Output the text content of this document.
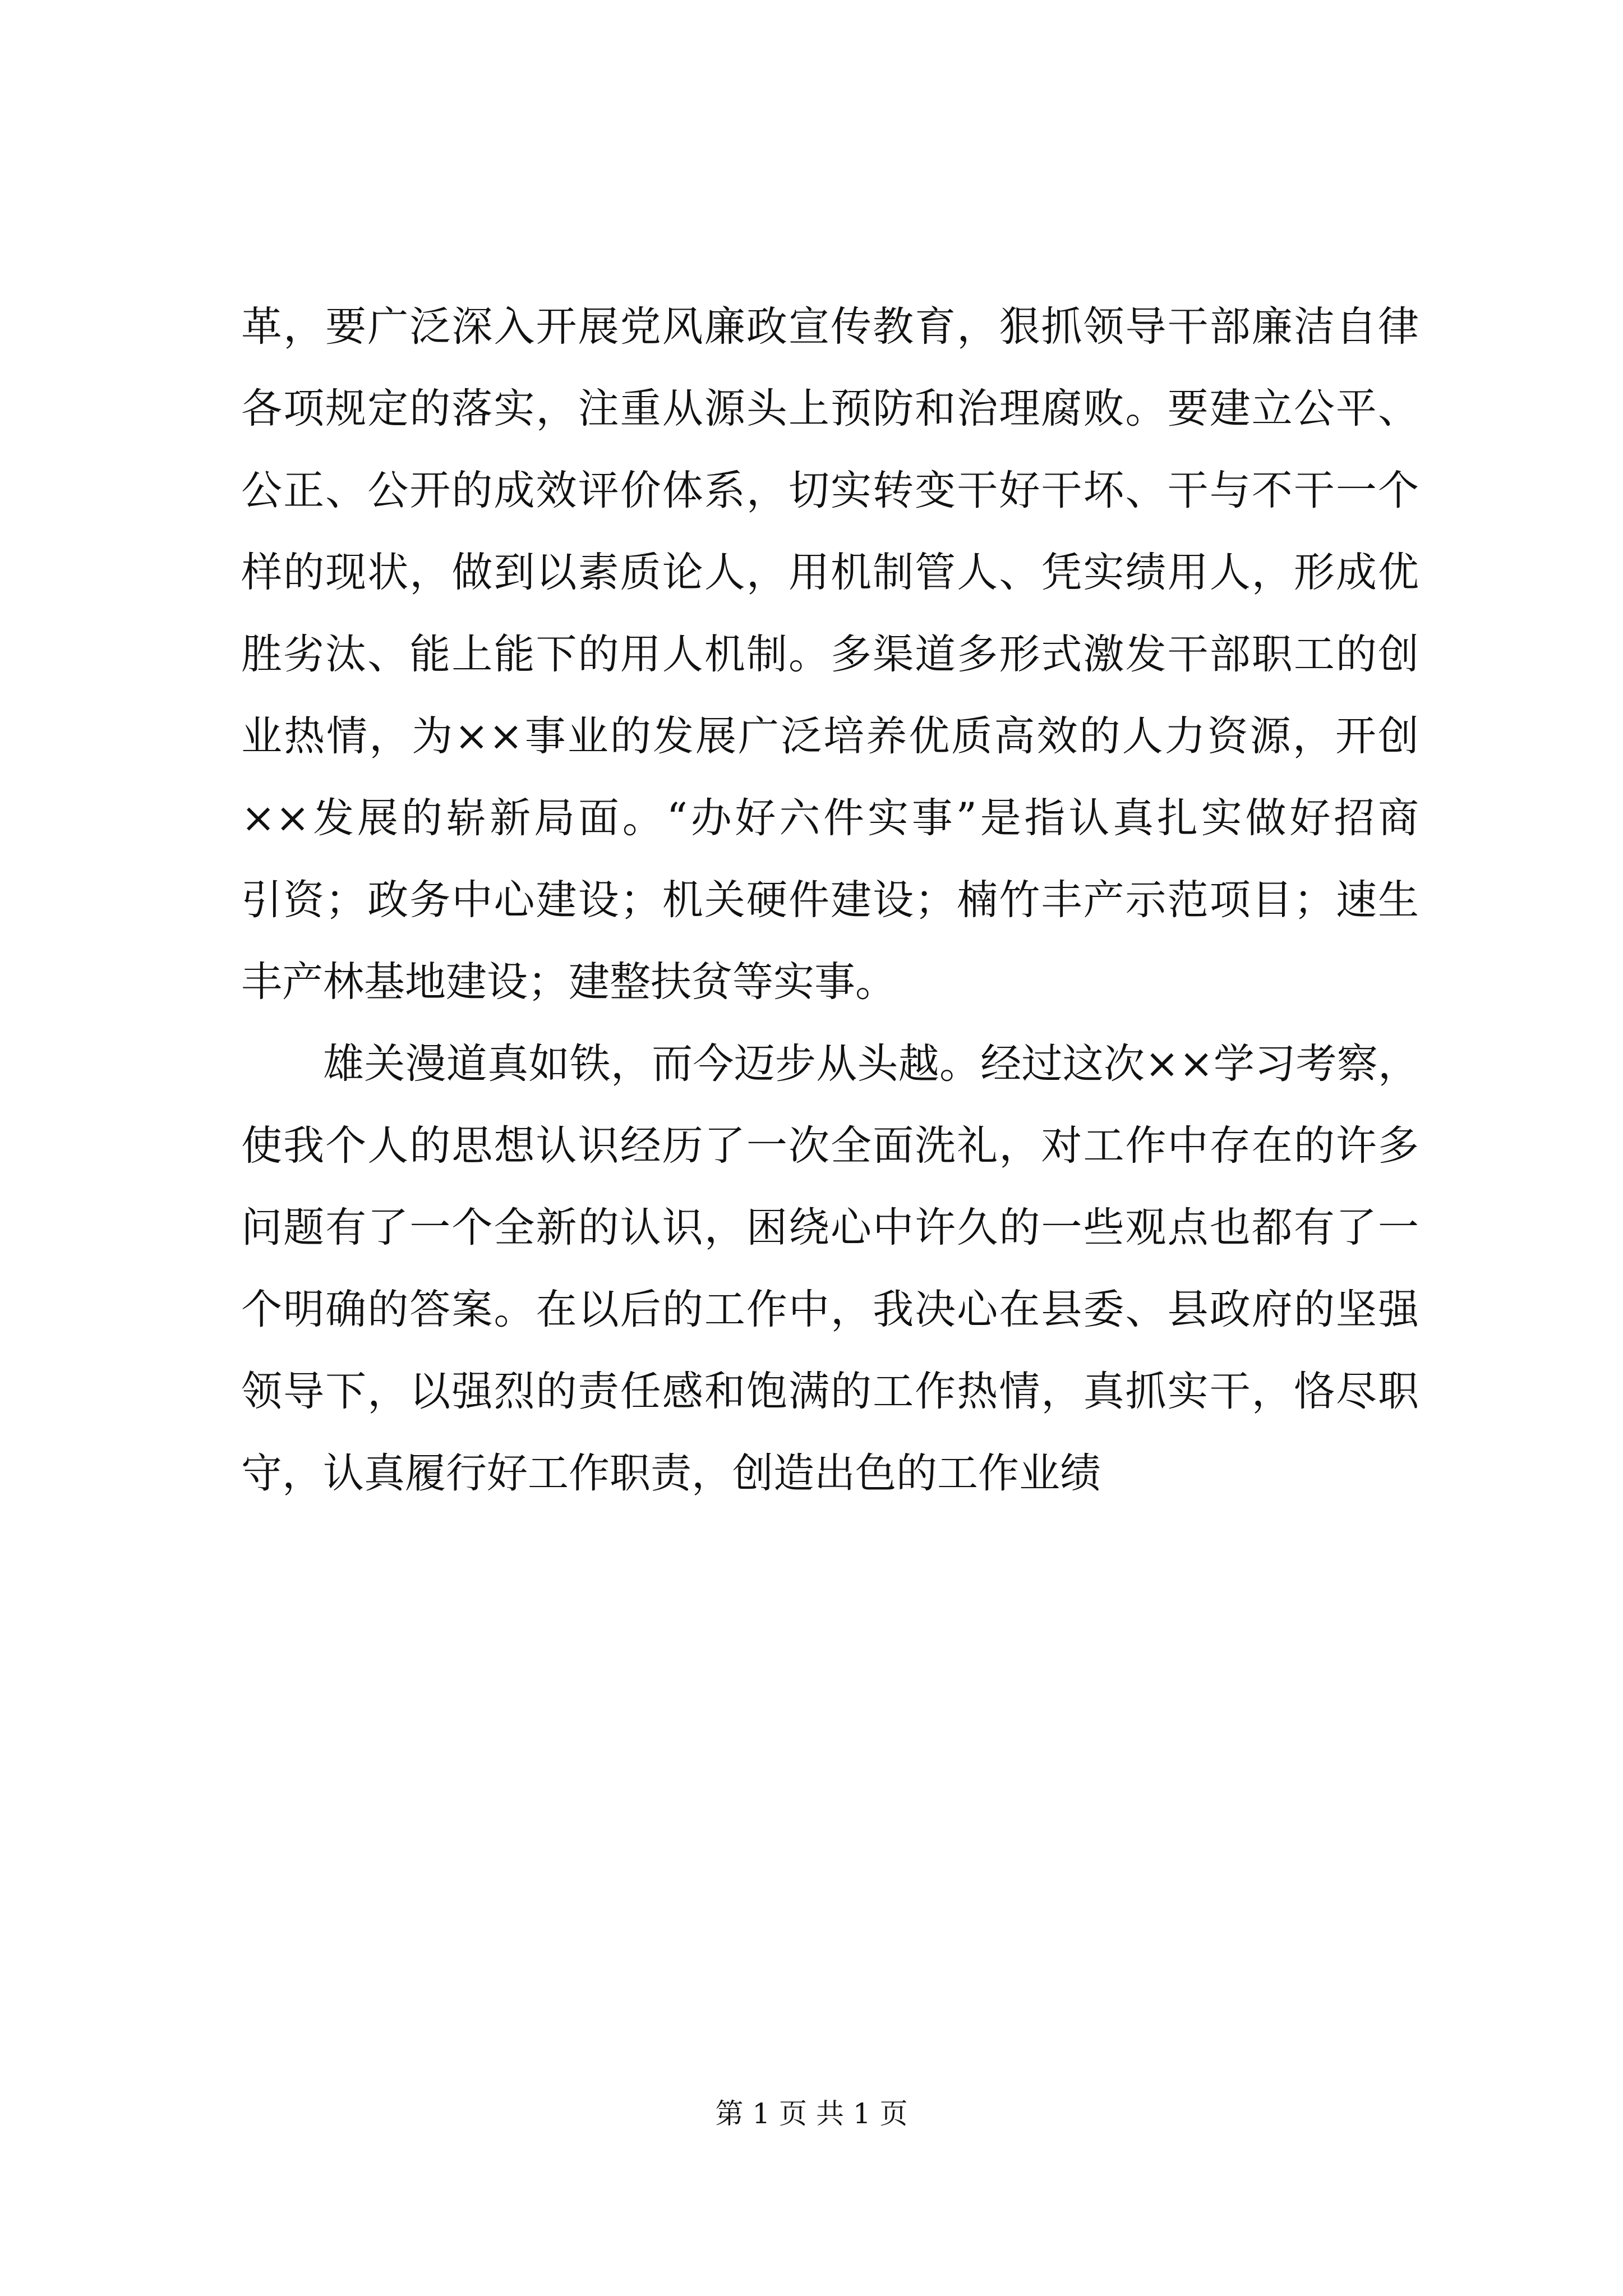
革，要广泛深入开展党风廉政宣传教育，狠抓领导干部廉洁自律
各项规定的落实，注重从源头上预防和治理腐败。要建立公平、
公正、公开的成效评价体系，切实转变干好干坏、干与不干一个
样的现状，做到以素质论人，用机制管人、凭实绩用人，形成优
胜劣汰、能上能下的用人机制。多渠道多形式激发干部职工的创
业热情，为××事业的发展广泛培养优质高效的人力资源，开创
××发展的崭新局面。“办好六件实事”是指认真扎实做好招商
引资；政务中心建设；机关硬件建设；楠竹丰产示范项目；速生
丰产林基地建设；建整扶贫等实事。
雄关漫道真如铁，而今迈步从头越。经过这次××学习考察，
使我个人的思想认识经历了一次全面洗礼，对工作中存在的许多
问题有了一个全新的认识，困绕心中许久的一些观点也都有了一
个明确的答案。在以后的工作中，我决心在县委、县政府的坚强
领导下，以强烈的责任感和饱满的工作热情，真抓实干，恪尽职
守，认真履行好工作职责，创造出色的工作业绩
第 1 页 共 1 页
